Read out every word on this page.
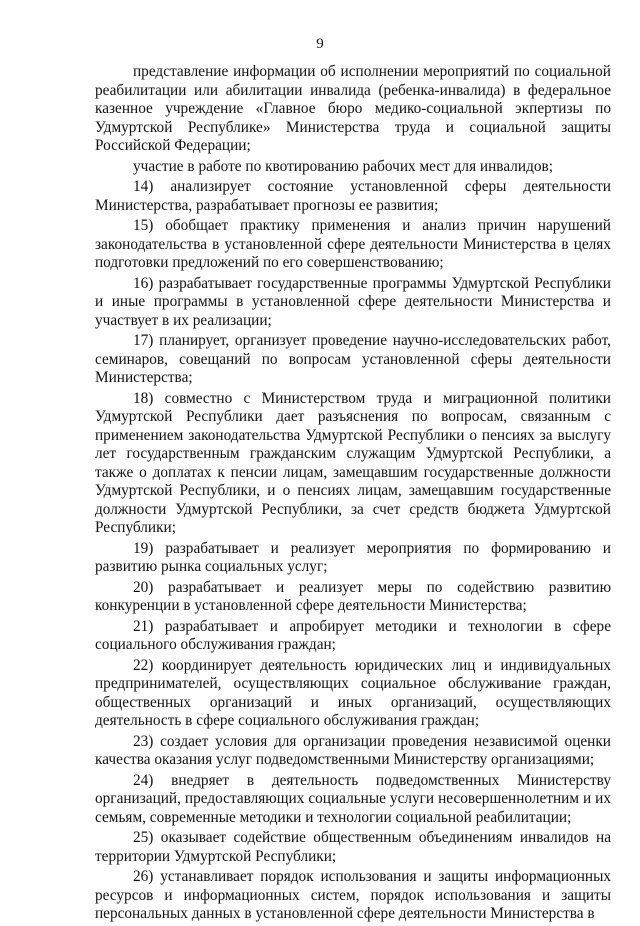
9

представление информации об исполнении мероприятий по социальной реабилитации или абилитации инвалида (ребенка-инвалида) в федеральное казенное учреждение «Главное бюро медико-социальной экпертизы по Удмуртской Республике» Министерства труда и социальной защиты Российской Федерации;

участие в работе по квотированию рабочих мест для инвалидов;

14) анализирует состояние установленной сферы деятельности Министерства, разрабатывает прогнозы ее развития;

15) обобщает практику применения и анализ причин нарушений законодательства в установленной сфере деятельности Министерства в целях подготовки предложений по его совершенствованию;

16) разрабатывает государственные программы Удмуртской Республики и иные программы в установленной сфере деятельности Министерства и участвует в их реализации;

17) планирует, организует проведение научно-исследовательских работ, семинаров, совещаний по вопросам установленной сферы деятельности Министерства;

18) совместно с Министерством труда и миграционной политики Удмуртской Республики дает разъяснения по вопросам, связанным с применением законодательства Удмуртской Республики о пенсиях за выслугу лет государственным гражданским служащим Удмуртской Республики, а также о доплатах к пенсии лицам, замещавшим государственные должности Удмуртской Республики, и о пенсиях лицам, замещавшим государственные должности Удмуртской Республики, за счет средств бюджета Удмуртской Республики;

19) разрабатывает и реализует мероприятия по формированию и развитию рынка социальных услуг;

20) разрабатывает и реализует меры по содействию развитию конкуренции в установленной сфере деятельности Министерства;

21) разрабатывает и апробирует методики и технологии в сфере социального обслуживания граждан;

22) координирует деятельность юридических лиц и индивидуальных предпринимателей, осуществляющих социальное обслуживание граждан, общественных организаций и иных организаций, осуществляющих деятельность в сфере социального обслуживания граждан;

23) создает условия для организации проведения независимой оценки качества оказания услуг подведомственными Министерству организациями;

24) внедряет в деятельность подведомственных Министерству организаций, предоставляющих социальные услуги несовершеннолетним и их семьям, современные методики и технологии социальной реабилитации;

25) оказывает содействие общественным объединениям инвалидов на территории Удмуртской Республики;

26) устанавливает порядок использования и защиты информационных ресурсов и информационных систем, порядок использования и защиты персональных данных в установленной сфере деятельности Министерства в
